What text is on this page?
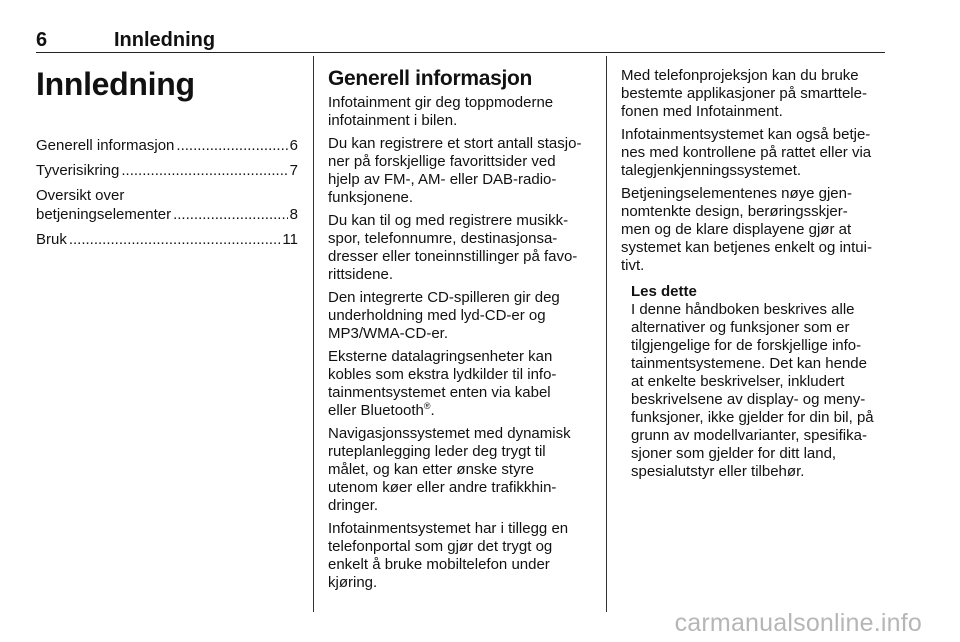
6	Innledning
Innledning
Generell informasjon .....	6
Tyverisikring .....	7
Oversikt over
betjeningselementer .....	8
Bruk .....	11
Generell informasjon

Infotainment gir deg toppmoderne
infotainment i bilen.

Du kan registrere et stort antall stasjo-
ner på forskjellige favorittsider ved
hjelp av FM-, AM- eller DAB-radio-
funksjonene.

Du kan til og med registrere musikk-
spor, telefonnumre, destinasjonsa-
dresser eller toneinnstillinger på favo-
rittsidene.

Den integrerte CD-spilleren gir deg
underholdning med lyd-CD-er og
MP3/WMA-CD-er.

Eksterne datalagringsenheter kan
kobles som ekstra lydkilder til info-
tainmentsystemet enten via kabel
eller Bluetooth®.

Navigasjonssystemet med dynamisk
ruteplanlegging leder deg trygt til
målet, og kan etter ønske styre
utenom køer eller andre trafikkhin-
dringer.

Infotainmentsystemet har i tillegg en
telefonportal som gjør det trygt og
enkelt å bruke mobiltelefon under
kjøring.

Med telefonprojeksjon kan du bruke
bestemte applikasjoner på smarttele-
fonen med Infotainment.

Infotainmentsystemet kan også betje-
nes med kontrollene på rattet eller via
talegjenkjenningssystemet.

Betjeningselementenes nøye gjen-
nomtenkte design, berøringsskjer-
men og de klare displayene gjør at
systemet kan betjenes enkelt og intui-
tivt.

Les dette
I denne håndboken beskrives alle
alternativer og funksjoner som er
tilgjengelige for de forskjellige info-
tainmentsystemene. Det kan hende
at enkelte beskrivelser, inkludert
beskrivelsene av display- og meny-
funksjoner, ikke gjelder for din bil, på
grunn av modellvarianter, spesifika-
sjoner som gjelder for ditt land,
spesialutstyr eller tilbehør.
carmanualsonline.info
